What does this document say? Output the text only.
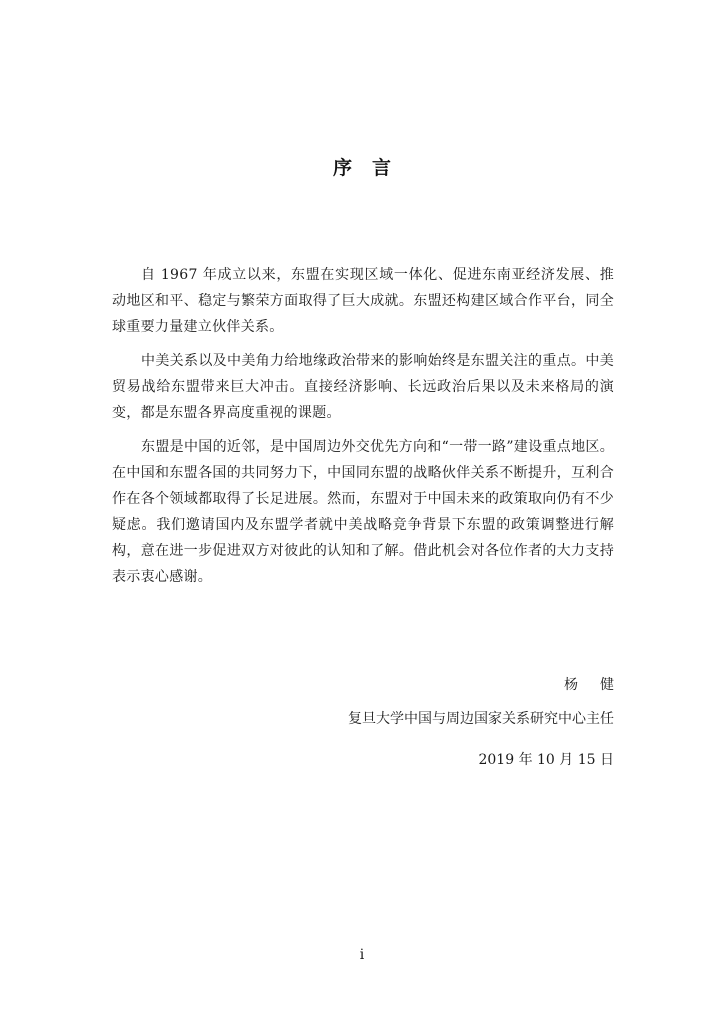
序言

自 1967 年成立以来，东盟在实现区域一体化、促进东南亚经济发展、推动地区和平、稳定与繁荣方面取得了巨大成就。东盟还构建区域合作平台，同全球重要力量建立伙伴关系。

中美关系以及中美角力给地缘政治带来的影响始终是东盟关注的重点。中美贸易战给东盟带来巨大冲击。直接经济影响、长远政治后果以及未来格局的演变，都是东盟各界高度重视的课题。

东盟是中国的近邻，是中国周边外交优先方向和“一带一路”建设重点地区。在中国和东盟各国的共同努力下，中国同东盟的战略伙伴关系不断提升，互利合作在各个领域都取得了长足进展。然而，东盟对于中国未来的政策取向仍有不少疑虑。我们邀请国内及东盟学者就中美战略竞争背景下东盟的政策调整进行解构，意在进一步促进双方对彼此的认知和了解。借此机会对各位作者的大力支持表示衷心感谢。

杨健
复旦大学中国与周边国家关系研究中心主任
2019 年 10 月 15 日
i
